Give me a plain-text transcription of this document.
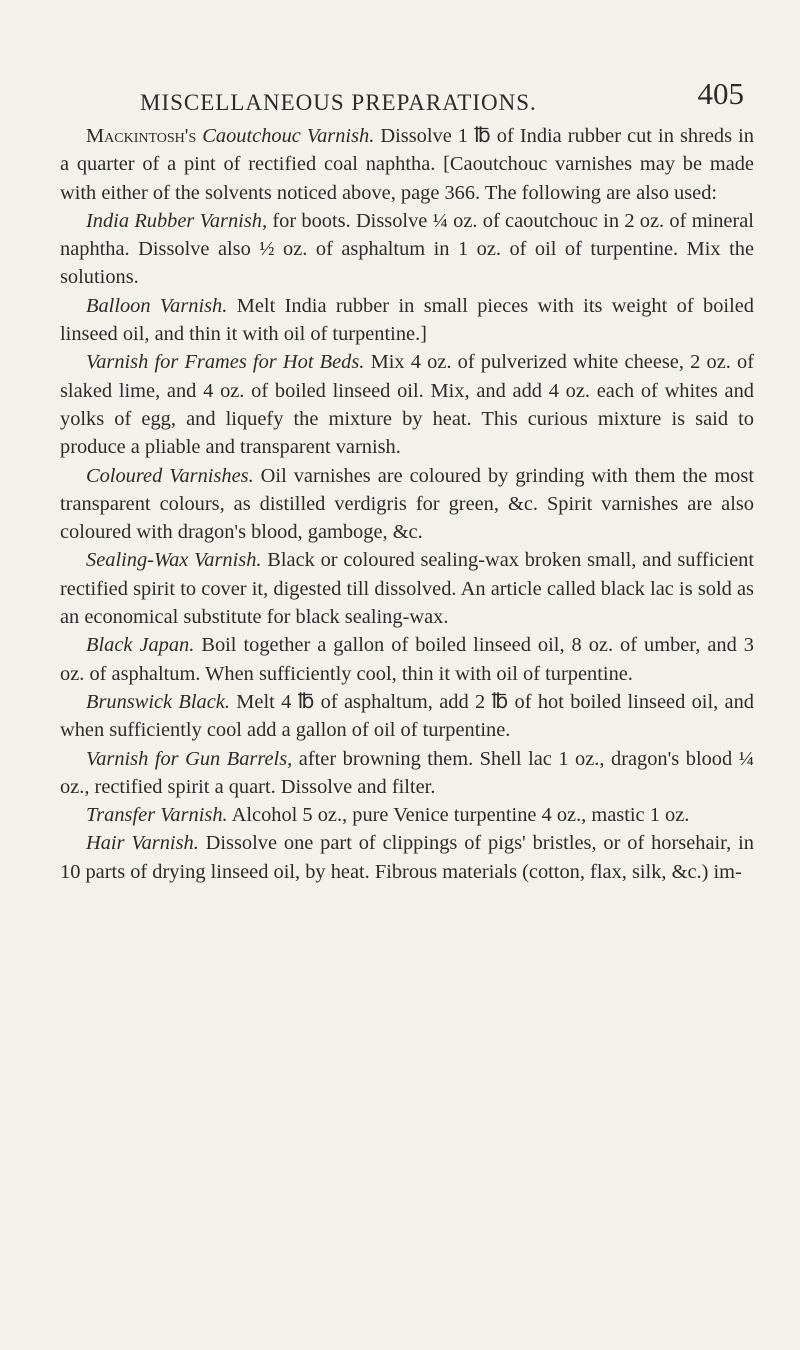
MISCELLANEOUS PREPARATIONS.	405

Mackintosh's Caoutchouc Varnish. Dissolve 1 ℔ of India rubber cut in shreds in a quarter of a pint of rectified coal naphtha. [Caoutchouc varnishes may be made with either of the solvents noticed above, page 366. The following are also used:

India Rubber Varnish, for boots. Dissolve ¼ oz. of caoutchouc in 2 oz. of mineral naphtha. Dissolve also ½ oz. of asphaltum in 1 oz. of oil of turpentine. Mix the solutions.

Balloon Varnish. Melt India rubber in small pieces with its weight of boiled linseed oil, and thin it with oil of turpentine.]

Varnish for Frames for Hot Beds. Mix 4 oz. of pulverized white cheese, 2 oz. of slaked lime, and 4 oz. of boiled linseed oil. Mix, and add 4 oz. each of whites and yolks of egg, and liquefy the mixture by heat. This curious mixture is said to produce a pliable and transparent varnish.

Coloured Varnishes. Oil varnishes are coloured by grinding with them the most transparent colours, as distilled verdigris for green, &c. Spirit varnishes are also coloured with dragon's blood, gamboge, &c.

Sealing-Wax Varnish. Black or coloured sealing-wax broken small, and sufficient rectified spirit to cover it, digested till dissolved. An article called black lac is sold as an economical substitute for black sealing-wax.

Black Japan. Boil together a gallon of boiled linseed oil, 8 oz. of umber, and 3 oz. of asphaltum. When sufficiently cool, thin it with oil of turpentine.

Brunswick Black. Melt 4 ℔ of asphaltum, add 2 ℔ of hot boiled linseed oil, and when sufficiently cool add a gallon of oil of turpentine.

Varnish for Gun Barrels, after browning them. Shell lac 1 oz., dragon's blood ¼ oz., rectified spirit a quart. Dissolve and filter.

Transfer Varnish. Alcohol 5 oz., pure Venice turpentine 4 oz., mastic 1 oz.

Hair Varnish. Dissolve one part of clippings of pigs' bristles, or of horsehair, in 10 parts of drying linseed oil, by heat. Fibrous materials (cotton, flax, silk, &c.) im-
